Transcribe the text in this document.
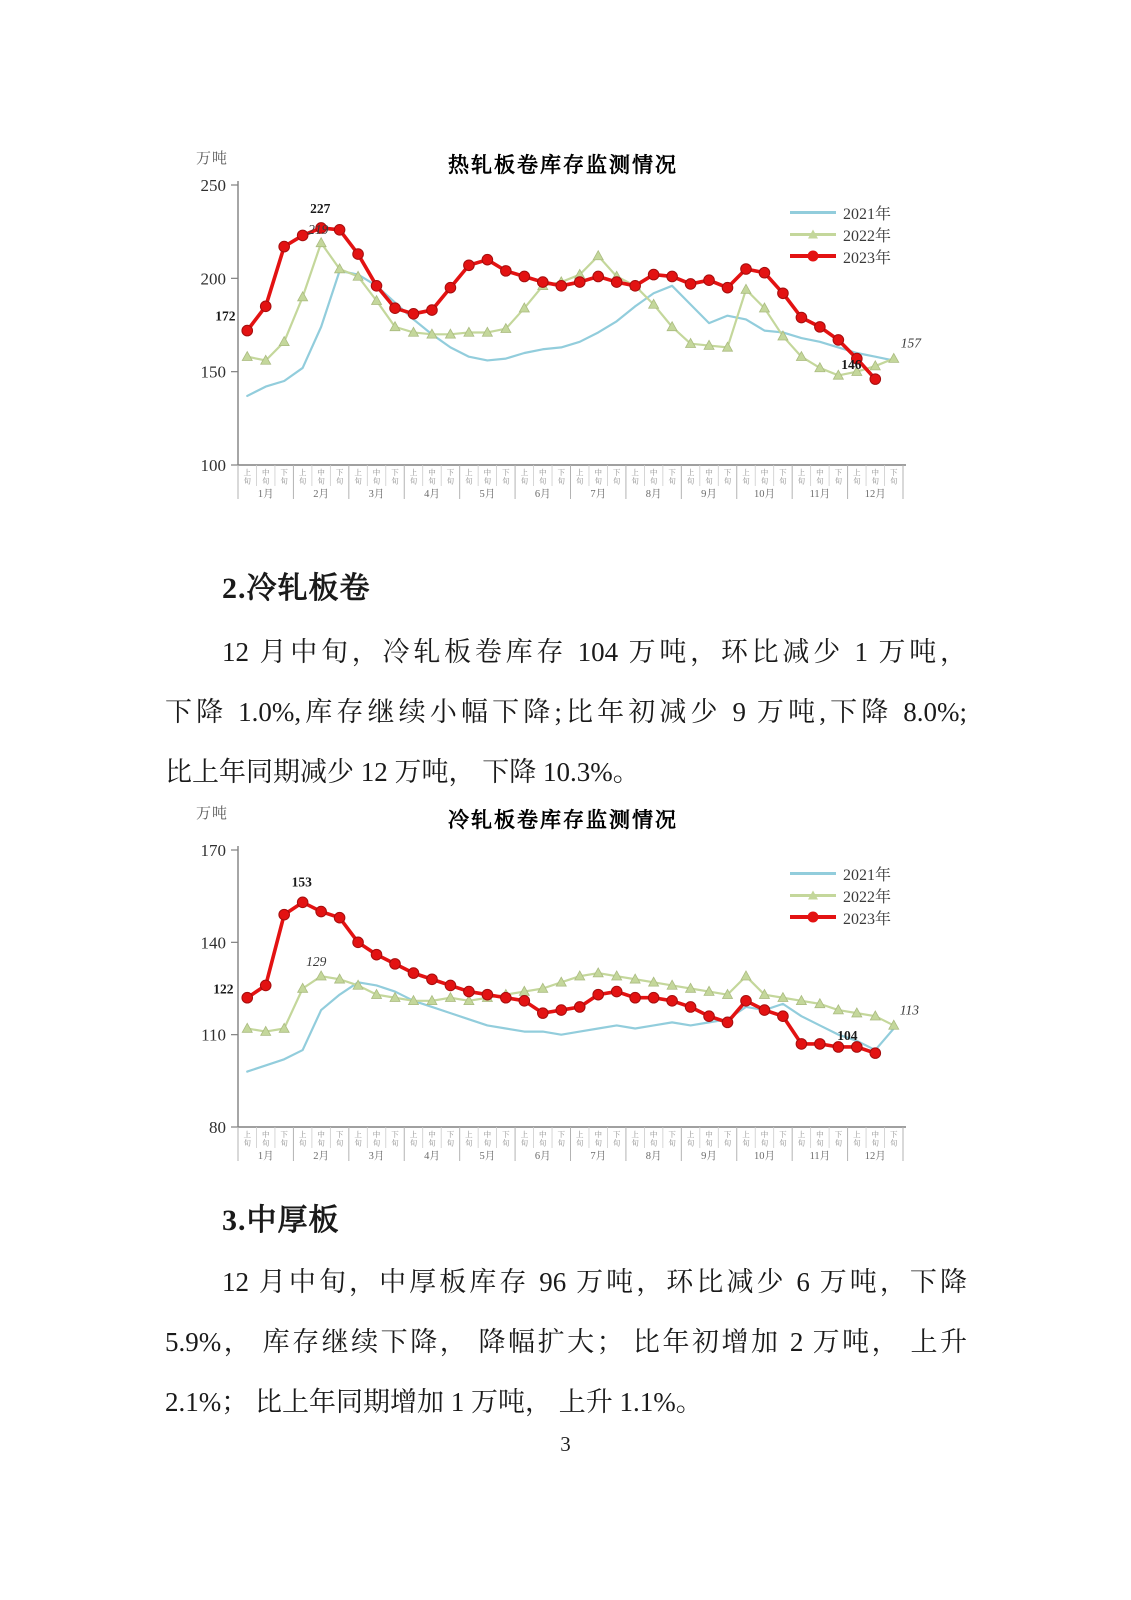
万吨	热轧板卷库存监测情况
250
200
150
100 上旬
中旬
下旬
上旬
中旬
下旬
上旬
中旬
下旬
上旬
中旬
下旬
上旬
中旬
下旬
上旬
中旬
下旬
上旬
中旬
下旬
上旬
中旬
下旬
上旬
中旬
下旬
上旬
中旬
下旬
上旬
中旬
下旬
上旬
中旬
下旬
1月	2月	3月	4月	5月	6月	7月	8月	9月	10月	11月	12月
172
227
219
157
146
2021年
2022年
2023年
2.冷轧板卷
12 月中旬，冷轧板卷库存 104 万吨，环比减少 1 万吨，
下降 1.0%,库存继续小幅下降;比年初减少 9 万吨,下降 8.0%;
比上年同期减少 12 万吨， 下降 10.3%。
万吨	冷轧板卷库存监测情况
170
140
110
80 上旬
中旬
下旬
上旬
中旬
下旬
上旬
中旬
下旬
上旬
中旬
下旬
上旬
中旬
下旬
上旬
中旬
下旬
上旬
中旬
下旬
上旬
中旬
下旬
上旬
中旬
下旬
上旬
中旬
下旬
上旬
中旬
下旬
上旬
中旬
下旬
1月	2月	3月	4月	5月	6月	7月	8月	9月	10月	11月	12月
122
153
129
113
104
2021年
2022年
2023年
3.中厚板
12 月中旬，中厚板库存 96 万吨，环比减少 6 万吨，下降
5.9%， 库存继续下降， 降幅扩大； 比年初增加 2 万吨， 上升
2.1%； 比上年同期增加 1 万吨， 上升 1.1%。
3
